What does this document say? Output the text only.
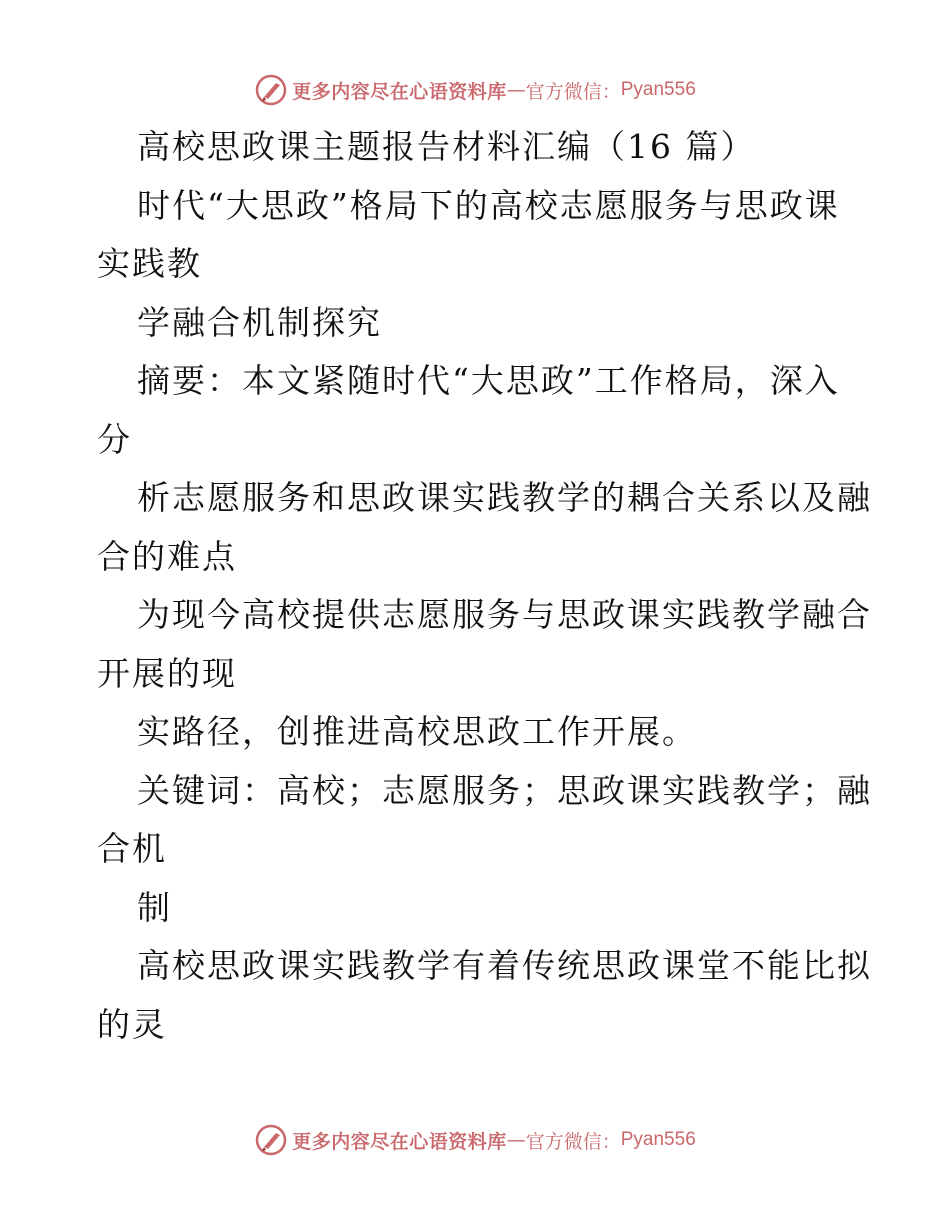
更多内容尽在心语资料库 — 官方微信： Pyan556
高校思政课主题报告材料汇编（16 篇）
时代“大思政”格局下的高校志愿服务与思政课
实践教
学融合机制探究
摘要：本文紧随时代“大思政”工作格局，深入
分
析志愿服务和思政课实践教学的耦合关系以及融
合的难点
为现今高校提供志愿服务与思政课实践教学融合
开展的现
实路径，创推进高校思政工作开展。
关键词：高校；志愿服务；思政课实践教学；融
合机
制
高校思政课实践教学有着传统思政课堂不能比拟
的灵
更多内容尽在心语资料库 — 官方微信： Pyan556
